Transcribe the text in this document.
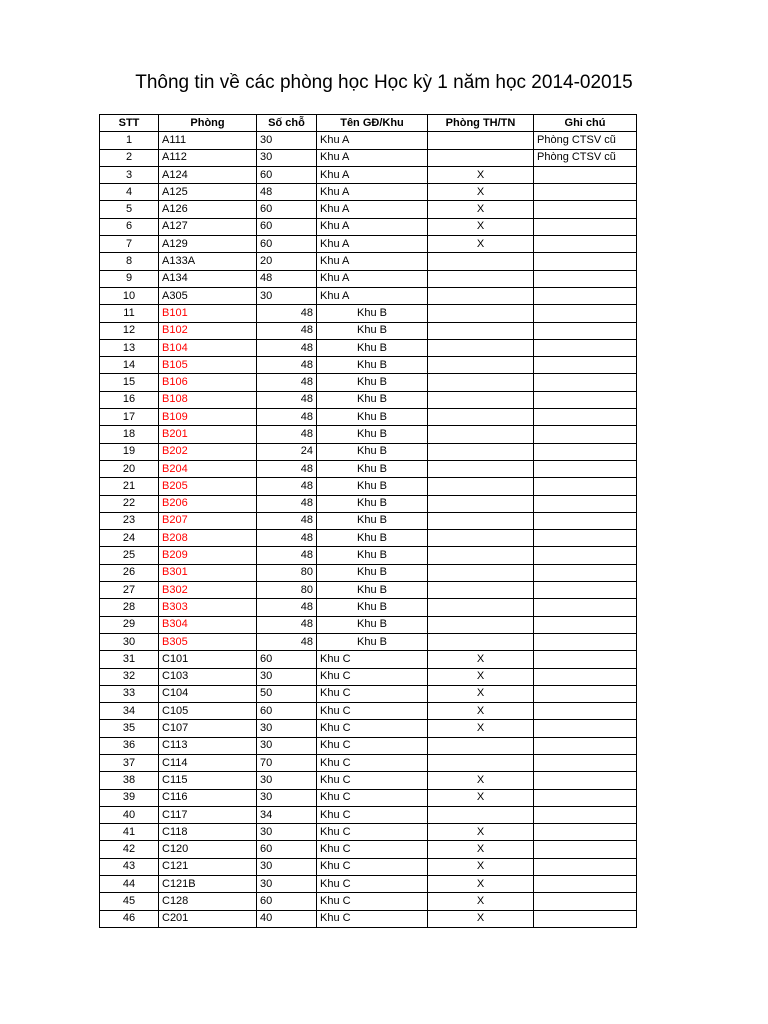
Thông tin về các phòng học Học kỳ 1 năm học 2014-02015
STT	Phòng	Số chỗ	Tên GĐ/Khu	Phòng TH/TN	Ghi chú
1	A111	30	Khu A		Phòng CTSV cũ
2	A112	30	Khu A		Phòng CTSV cũ
3	A124	60	Khu A	X	
4	A125	48	Khu A	X	
5	A126	60	Khu A	X	
6	A127	60	Khu A	X	
7	A129	60	Khu A	X	
8	A133A	20	Khu A		
9	A134	48	Khu A		
10	A305	30	Khu A		
11	B101	48	Khu B		
12	B102	48	Khu B		
13	B104	48	Khu B		
14	B105	48	Khu B		
15	B106	48	Khu B		
16	B108	48	Khu B		
17	B109	48	Khu B		
18	B201	48	Khu B		
19	B202	24	Khu B		
20	B204	48	Khu B		
21	B205	48	Khu B		
22	B206	48	Khu B		
23	B207	48	Khu B		
24	B208	48	Khu B		
25	B209	48	Khu B		
26	B301	80	Khu B		
27	B302	80	Khu B		
28	B303	48	Khu B		
29	B304	48	Khu B		
30	B305	48	Khu B		
31	C101	60	Khu C	X	
32	C103	30	Khu C	X	
33	C104	50	Khu C	X	
34	C105	60	Khu C	X	
35	C107	30	Khu C	X	
36	C113	30	Khu C		
37	C114	70	Khu C		
38	C115	30	Khu C	X	
39	C116	30	Khu C	X	
40	C117	34	Khu C		
41	C118	30	Khu C	X	
42	C120	60	Khu C	X	
43	C121	30	Khu C	X	
44	C121B	30	Khu C	X	
45	C128	60	Khu C	X	
46	C201	40	Khu C	X	
